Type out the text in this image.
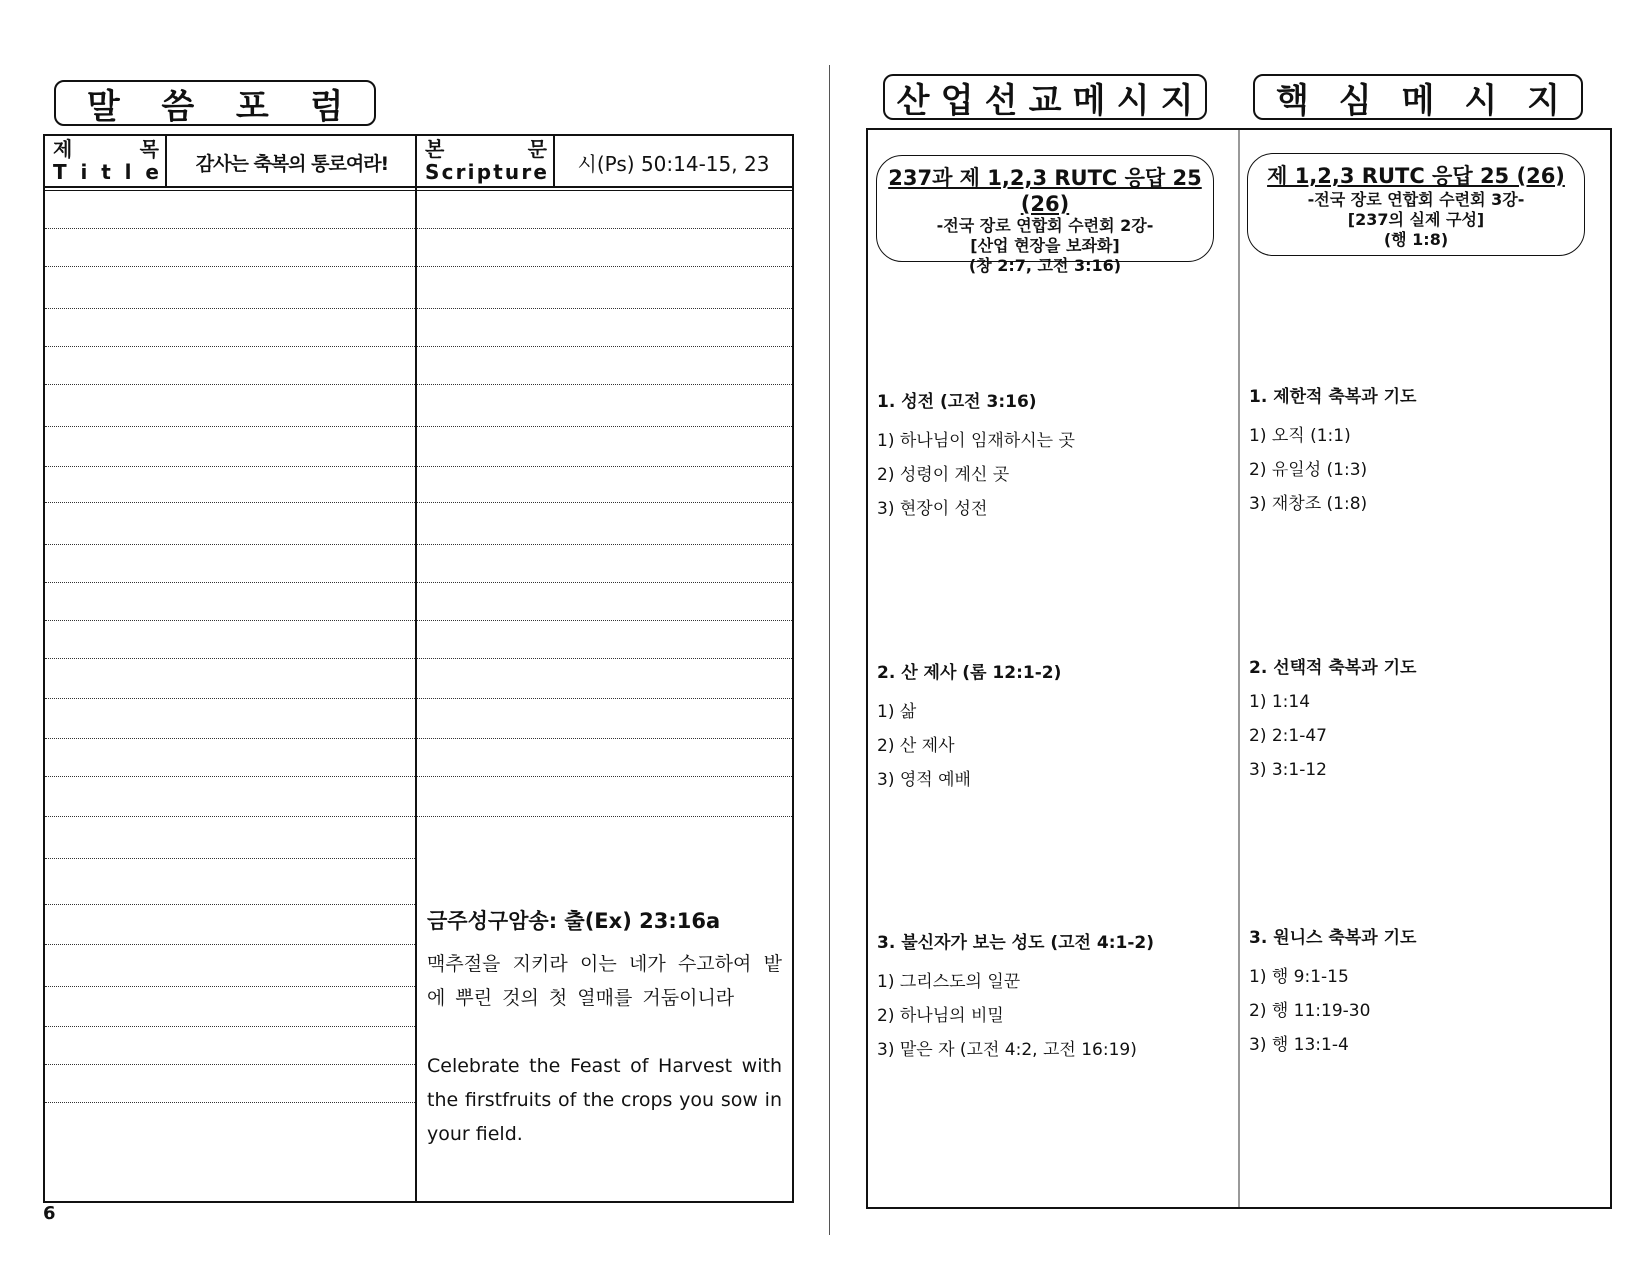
말	씀	포	럼
제	목
T i t l e 감사는 축복의 통로여라!
본	문
S c r i p t u r e 시(Ps) 50:14-15, 23
금주성구암송: 출(Ex) 23:16a
맥추절을 지키라 이는 네가 수고하여 밭에 뿌린 것의 첫 열매를 거둠이니라
Celebrate the Feast of Harvest with the firstfruits of the crops you sow in your field.
6
산 업 선 교 메 시 지	핵 심 메 시 지
237과 제 1,2,3 RUTC 응답 25 (26)
-전국 장로 연합회 수련회 2강-
[산업 현장을 보좌화]
(창 2:7, 고전 3:16)
제 1,2,3 RUTC 응답 25 (26)
-전국 장로 연합회 수련회 3강-
[237의 실제 구성]
(행 1:8)
1. 성전 (고전 3:16)
1) 하나님이 임재하시는 곳
2) 성령이 계신 곳
3) 현장이 성전
2. 산 제사 (롬 12:1-2)
1) 삶
2) 산 제사
3) 영적 예배
3. 불신자가 보는 성도 (고전 4:1-2)
1) 그리스도의 일꾼
2) 하나님의 비밀
3) 맡은 자 (고전 4:2, 고전 16:19)
1. 제한적 축복과 기도
1) 오직 (1:1)
2) 유일성 (1:3)
3) 재창조 (1:8)
2. 선택적 축복과 기도
1) 1:14
2) 2:1-47
3) 3:1-12
3. 원니스 축복과 기도
1) 행 9:1-15
2) 행 11:19-30
3) 행 13:1-4
